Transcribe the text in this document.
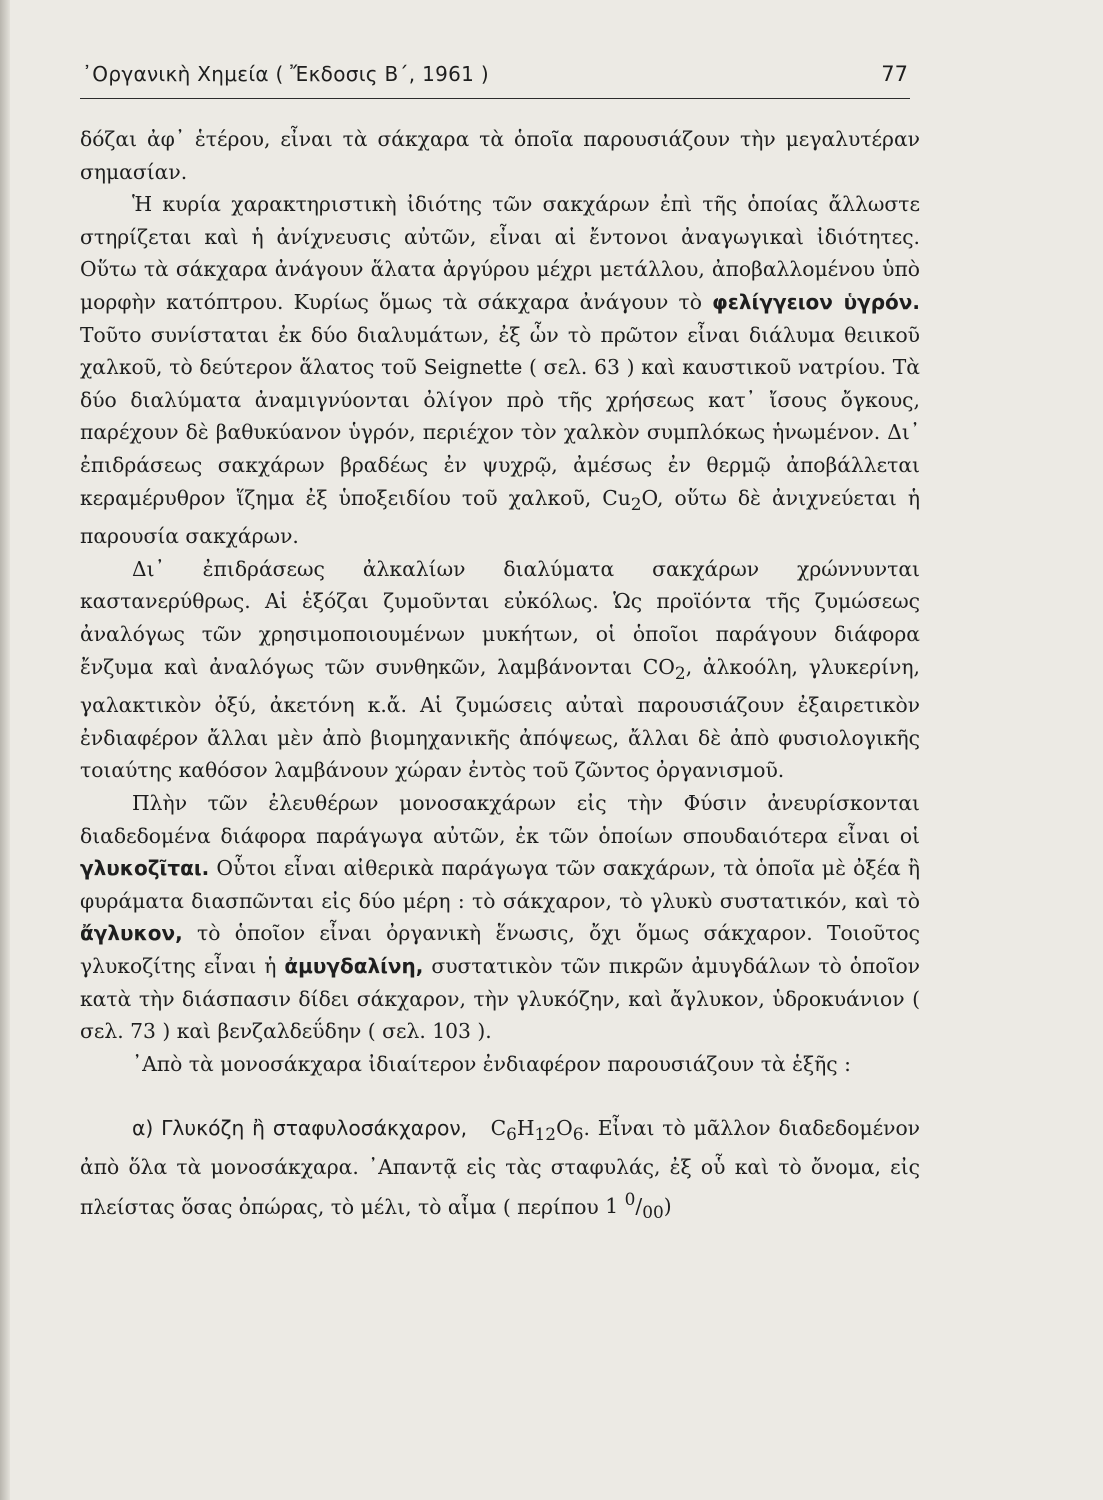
᾿Οργανικὴ Χημεία ( Ἔκδοσις Β΄, 1961 )	77

δόζαι ἀφ᾿ ἑτέρου, εἶναι τὰ σάκχαρα τὰ ὁποῖα παρουσιάζουν τὴν μεγαλυτέραν σημασίαν.

Ἡ κυρία χαρακτηριστικὴ ἰδιότης τῶν σακχάρων ἐπὶ τῆς ὁποίας ἄλλωστε στηρίζεται καὶ ἡ ἀνίχνευσις αὐτῶν, εἶναι αἱ ἔντονοι ἀναγωγικαὶ ἰδιότητες. Οὕτω τὰ σάκχαρα ἀνάγουν ἅλατα ἀργύρου μέχρι μετάλλου, ἀποβαλλομένου ὑπὸ μορφὴν κατόπτρου. Κυρίως ὅμως τὰ σάκχαρα ἀνάγουν τὸ φελίγγειον ὑγρόν. Τοῦτο συνίσταται ἐκ δύο διαλυμάτων, ἐξ ὧν τὸ πρῶτον εἶναι διάλυμα θειικοῦ χαλκοῦ, τὸ δεύτερον ἅλατος τοῦ Seignette ( σελ. 63 ) καὶ καυστικοῦ νατρίου. Τὰ δύο διαλύματα ἀναμιγνύονται ὀλίγον πρὸ τῆς χρήσεως κατ᾿ ἴσους ὄγκους, παρέχουν δὲ βαθυκύανον ὑγρόν, περιέχον τὸν χαλκὸν συμπλόκως ἡνωμένον. Δι᾿ ἐπιδράσεως σακχάρων βραδέως ἐν ψυχρῷ, ἀμέσως ἐν θερμῷ ἀποβάλλεται κεραμέρυθρον ἵζημα ἐξ ὑποξειδίου τοῦ χαλκοῦ, $Cu_2O$, οὕτω δὲ ἀνιχνεύεται ἡ παρουσία σακχάρων.

Δι᾿ ἐπιδράσεως ἀλκαλίων διαλύματα σακχάρων χρώννυνται καστανερύθρως. Αἱ ἑξόζαι ζυμοῦνται εὐκόλως. Ὡς προϊόντα τῆς ζυμώσεως ἀναλόγως τῶν χρησιμοποιουμένων μυκήτων, οἱ ὁποῖοι παράγουν διάφορα ἔνζυμα καὶ ἀναλόγως τῶν συνθηκῶν, λαμβάνονται $CO_2$, ἀλκοόλη, γλυκερίνη, γαλακτικὸν ὀξύ, ἀκετόνη κ.ἄ. Αἱ ζυμώσεις αὐταὶ παρουσιάζουν ἐξαιρετικὸν ἐνδιαφέρον ἄλλαι μὲν ἀπὸ βιομηχανικῆς ἀπόψεως, ἄλλαι δὲ ἀπὸ φυσιολογικῆς τοιαύτης καθόσον λαμβάνουν χώραν ἐντὸς τοῦ ζῶντος ὀργανισμοῦ.

Πλὴν τῶν ἐλευθέρων μονοσακχάρων εἰς τὴν Φύσιν ἀνευρίσκονται διαδεδομένα διάφορα παράγωγα αὐτῶν, ἐκ τῶν ὁποίων σπουδαιότερα εἶναι οἱ γλυκοζῖται. Οὗτοι εἶναι αἰθερικὰ παράγωγα τῶν σακχάρων, τὰ ὁποῖα μὲ ὀξέα ἢ φυράματα διασπῶνται εἰς δύο μέρη : τὸ σάκχαρον, τὸ γλυκὺ συστατικόν, καὶ τὸ ἄγλυκον, τὸ ὁποῖον εἶναι ὀργανικὴ ἕνωσις, ὄχι ὅμως σάκχαρον. Τοιοῦτος γλυκοζίτης εἶναι ἡ ἀμυγδαλίνη, συστατικὸν τῶν πικρῶν ἀμυγδάλων τὸ ὁποῖον κατὰ τὴν διάσπασιν δίδει σάκχαρον, τὴν γλυκόζην, καὶ ἄγλυκον, ὑδροκυάνιον ( σελ. 73 ) καὶ βενζαλδεΰδην ( σελ. 103 ).

᾿Απὸ τὰ μονοσάκχαρα ἰδιαίτερον ἐνδιαφέρον παρουσιάζουν τὰ ἑξῆς :

α) Γλυκόζη ἢ σταφυλοσάκχαρον, $C_6H_{12}O_6$. Εἶναι τὸ μᾶλλον διαδεδομένον ἀπὸ ὅλα τὰ μονοσάκχαρα. ᾿Απαντᾷ εἰς τὰς σταφυλάς, ἐξ οὗ καὶ τὸ ὄνομα, εἰς πλείστας ὅσας ὀπώρας, τὸ μέλι, τὸ αἷμα ( περίπου 1 $^0/_{00}$)
